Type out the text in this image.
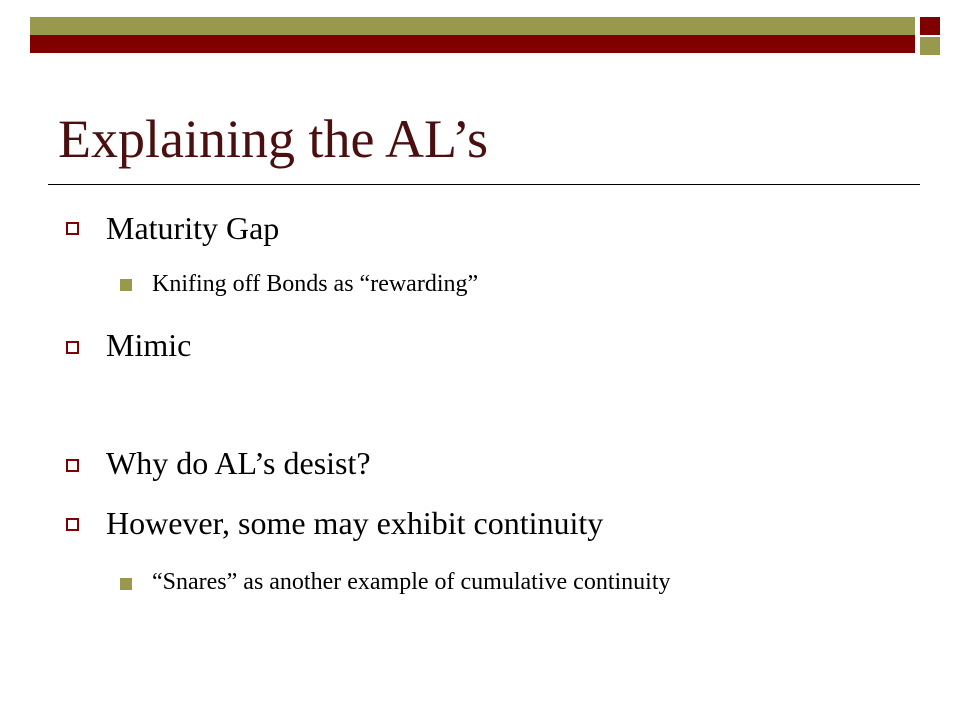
Explaining the AL’s
Maturity Gap
Knifing off Bonds as “rewarding”
Mimic
Why do AL’s desist?
However, some may exhibit continuity
“Snares” as another example of cumulative continuity
